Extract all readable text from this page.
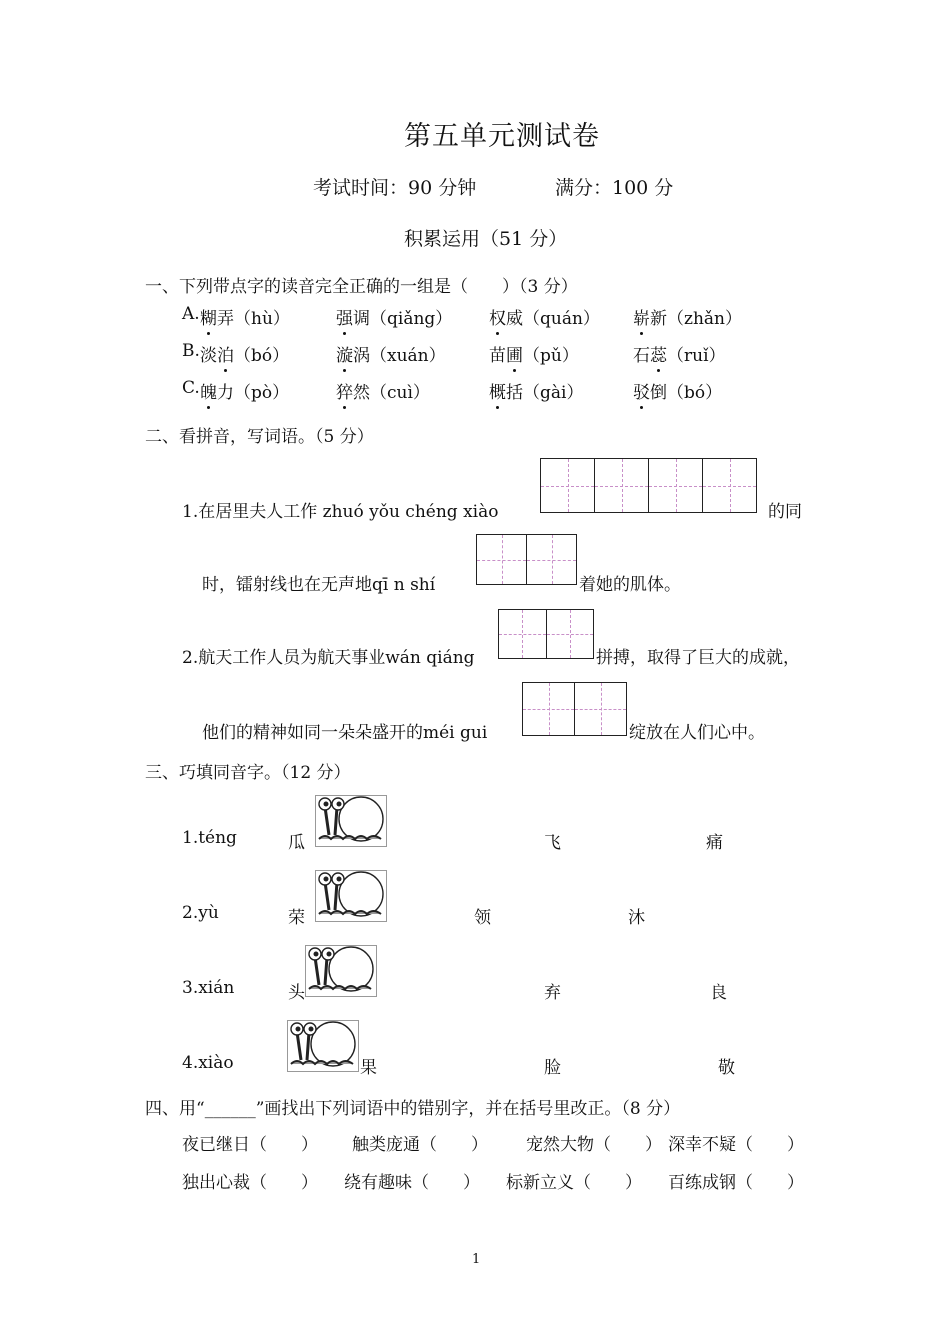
第五单元测试卷
考试时间：90 分钟	满分：100 分
积累运用（51 分）
一、下列带点字的读音完全正确的一组是（　　）（3 分）
A. 糊弄（hù）	强调（qiǎng） 权威（quán） 崭新（zhǎn）
B. 淡泊（bó）	漩涡（xuán）	苗圃（pǔ）	石蕊（ruǐ）
C. 魄力（pò）	猝然（cuì）	概括（gài）	驳倒（bó）
二、看拼音，写词语。（5 分）
1.在居里夫人工作 zhuó yǒu chéng xiào	的同
时，镭射线也在无声地qī n shí	着她的肌体。
2.航天工作人员为航天事业wán qiáng	拼搏，取得了巨大的成就，
他们的精神如同一朵朵盛开的méi gui	绽放在人们心中。
三、巧填同音字。（12 分）
1.téng	瓜	飞	痛
2.yù	荣	领	沐
3.xián	头	弃	良
4.xiào	果	脸	敬
四、用“______”画找出下列词语中的错别字，并在括号里改正。（8 分）
夜已继日（　　） 触类庞通（　　） 宠然大物（　　） 深幸不疑（　　）
独出心裁（　　） 绕有趣味（　　） 标新立义（　　） 百练成钢（　　）
1
